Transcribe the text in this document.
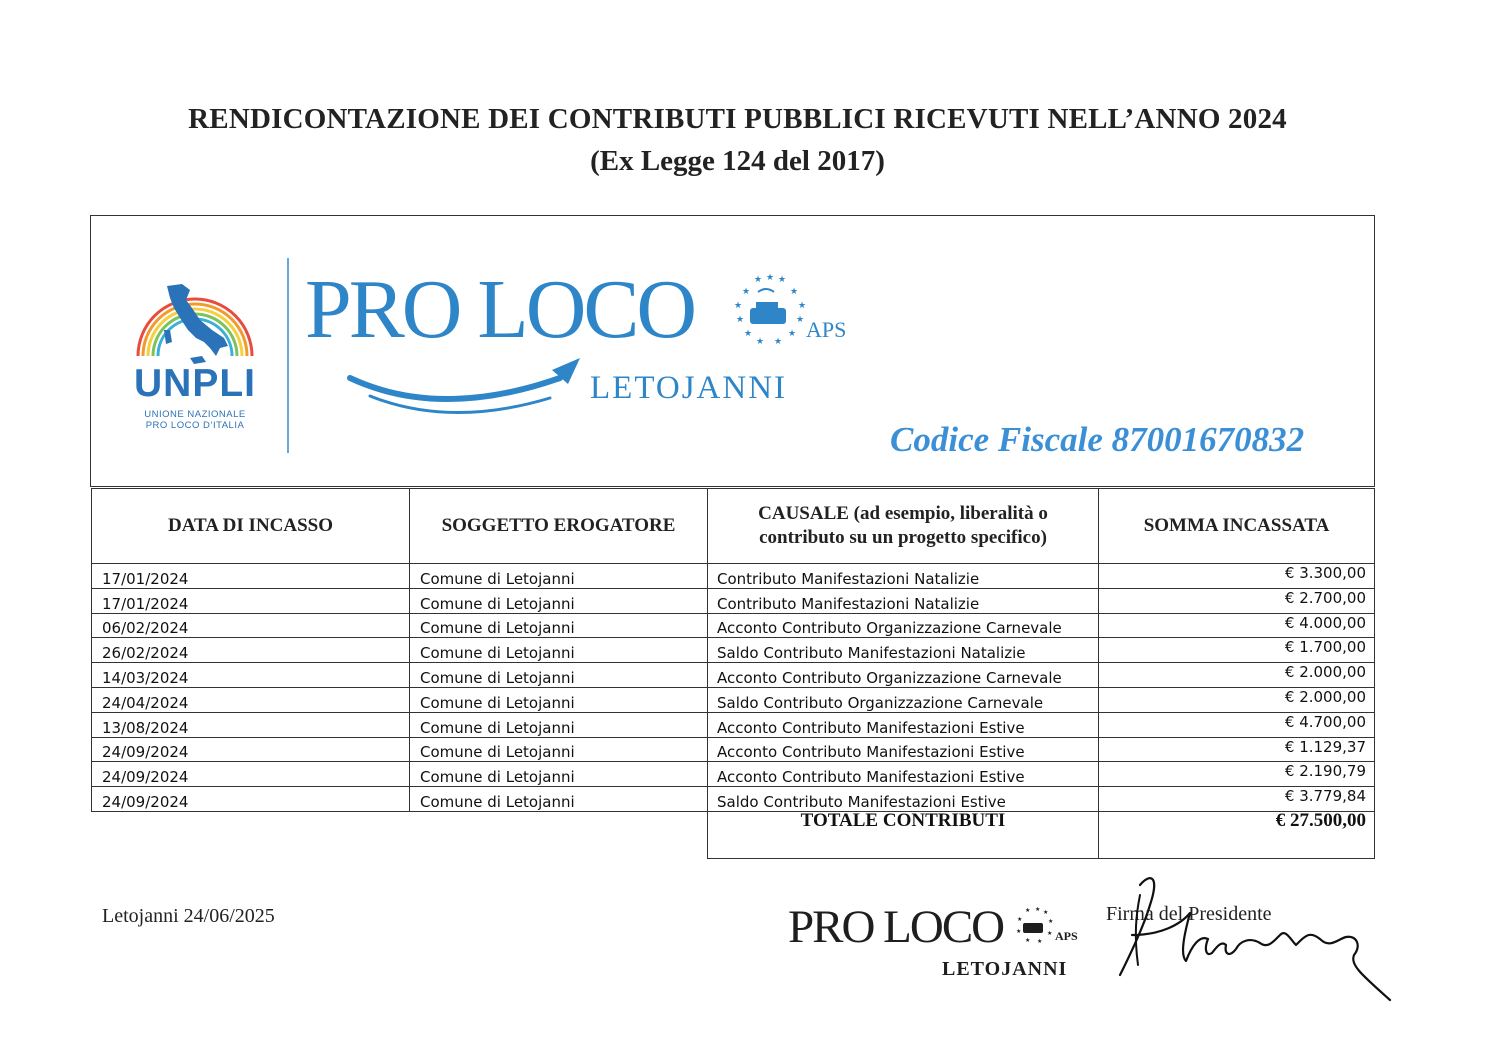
RENDICONTAZIONE DEI CONTRIBUTI PUBBLICI RICEVUTI NELL’ANNO 2024
(Ex Legge 124 del 2017)
UNPLI
UNIONE NAZIONALE
PRO LOCO D’ITALIA
PRO LOCO	★ ★ ★
★	★
★	★
★	★
★	★
★ ★ APS
LETOJANNI
Codice Fiscale 87001670832
DATA DI INCASSO	SOGGETTO EROGATORE	CAUSALE (ad esempio, liberalità o contributo su un progetto specifico)	SOMMA INCASSATA
17/01/2024	Comune di Letojanni	Contributo Manifestazioni Natalizie	€ 3.300,00
17/01/2024	Comune di Letojanni	Contributo Manifestazioni Natalizie	€ 2.700,00
06/02/2024	Comune di Letojanni	Acconto Contributo Organizzazione Carnevale	€ 4.000,00
26/02/2024	Comune di Letojanni	Saldo Contributo Manifestazioni Natalizie	€ 1.700,00
14/03/2024	Comune di Letojanni	Acconto Contributo Organizzazione Carnevale	€ 2.000,00
24/04/2024	Comune di Letojanni	Saldo Contributo Organizzazione Carnevale	€ 2.000,00
13/08/2024	Comune di Letojanni	Acconto Contributo Manifestazioni Estive	€ 4.700,00
24/09/2024	Comune di Letojanni	Acconto Contributo Manifestazioni Estive	€ 1.129,37
24/09/2024	Comune di Letojanni	Acconto Contributo Manifestazioni Estive	€ 2.190,79
24/09/2024	Comune di Letojanni	Saldo Contributo Manifestazioni Estive	€ 3.779,84
		TOTALE CONTRIBUTI	€ 27.500,00
Letojanni 24/06/2025	PRO LOCO	★ ★ ★
★	★
★	★
★ ★ APS
LETOJANNI
Firma del Presidente
